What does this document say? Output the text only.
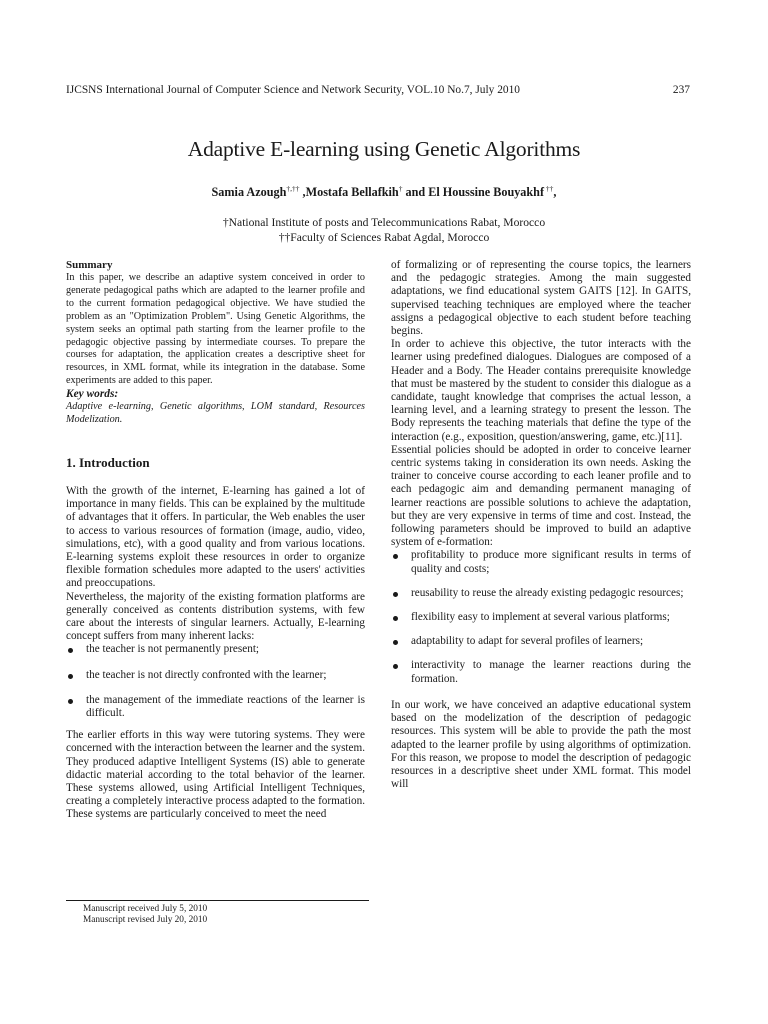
IJCSNS International Journal of Computer Science and Network Security, VOL.10 No.7, July 2010	237
Adaptive E-learning using Genetic Algorithms
Samia Azough†,†† ,Mostafa Bellafkih† and El Houssine Bouyakhf ††,
†National Institute of posts and Telecommunications Rabat, Morocco
††Faculty of Sciences Rabat Agdal, Morocco

Summary

In this paper, we describe an adaptive system conceived in order to generate pedagogical paths which are adapted to the learner profile and to the current formation pedagogical objective. We have studied the problem as an "Optimization Problem". Using Genetic Algorithms, the system seeks an optimal path starting from the learner profile to the pedagogic objective passing by intermediate courses. To prepare the courses for adaptation, the application creates a descriptive sheet for resources, in XML format, while its integration in the database. Some experiments are added to this paper.

Key words:

Adaptive e-learning, Genetic algorithms, LOM standard, Resources Modelization.

1. Introduction

With the growth of the internet, E-learning has gained a lot of importance in many fields. This can be explained by the multitude of advantages that it offers. In particular, the Web enables the user to access to various resources of formation (image, audio, video, simulations, etc), with a good quality and from various locations. E-learning systems exploit these resources in order to organize flexible formation schedules more adapted to the users' activities and preoccupations.

Nevertheless, the majority of the existing formation platforms are generally conceived as contents distribution systems, with few care about the interests of singular learners. Actually, E-learning concept suffers from many inherent lacks:

the teacher is not permanently present;
the teacher is not directly confronted with the learner;
the management of the immediate reactions of the learner is difficult.

The earlier efforts in this way were tutoring systems. They were concerned with the interaction between the learner and the system. They produced adaptive Intelligent Systems (IS) able to generate didactic material according to the total behavior of the learner. These systems allowed, using Artificial Intelligent Techniques, creating a completely interactive process adapted to the formation. These systems are particularly conceived to meet the need

of formalizing or of representing the course topics, the learners and the pedagogic strategies. Among the main suggested adaptations, we find educational system GAITS [12]. In GAITS, supervised teaching techniques are employed where the teacher assigns a pedagogical objective to each student before teaching begins.

In order to achieve this objective, the tutor interacts with the learner using predefined dialogues. Dialogues are composed of a Header and a Body. The Header contains prerequisite knowledge that must be mastered by the student to consider this dialogue as a candidate, taught knowledge that comprises the actual lesson, a learning level, and a learning strategy to present the lesson. The Body represents the teaching materials that define the type of the interaction (e.g., exposition, question/answering, game, etc.)[11].

Essential policies should be adopted in order to conceive learner centric systems taking in consideration its own needs. Asking the trainer to conceive course according to each leaner profile and to each pedagogic aim and demanding permanent managing of learner reactions are possible solutions to achieve the adaptation, but they are very expensive in terms of time and cost. Instead, the following parameters should be improved to build an adaptive system of e-formation:

profitability to produce more significant results in terms of quality and costs;
reusability to reuse the already existing pedagogic resources;
flexibility easy to implement at several various platforms;
adaptability to adapt for several profiles of learners;
interactivity to manage the learner reactions during the formation.

In our work, we have conceived an adaptive educational system based on the modelization of the description of pedagogic resources. This system will be able to provide the path the most adapted to the learner profile by using algorithms of optimization. For this reason, we propose to model the description of pedagogic resources in a descriptive sheet under XML format. This model will

Manuscript received July 5, 2010
Manuscript revised July 20, 2010
